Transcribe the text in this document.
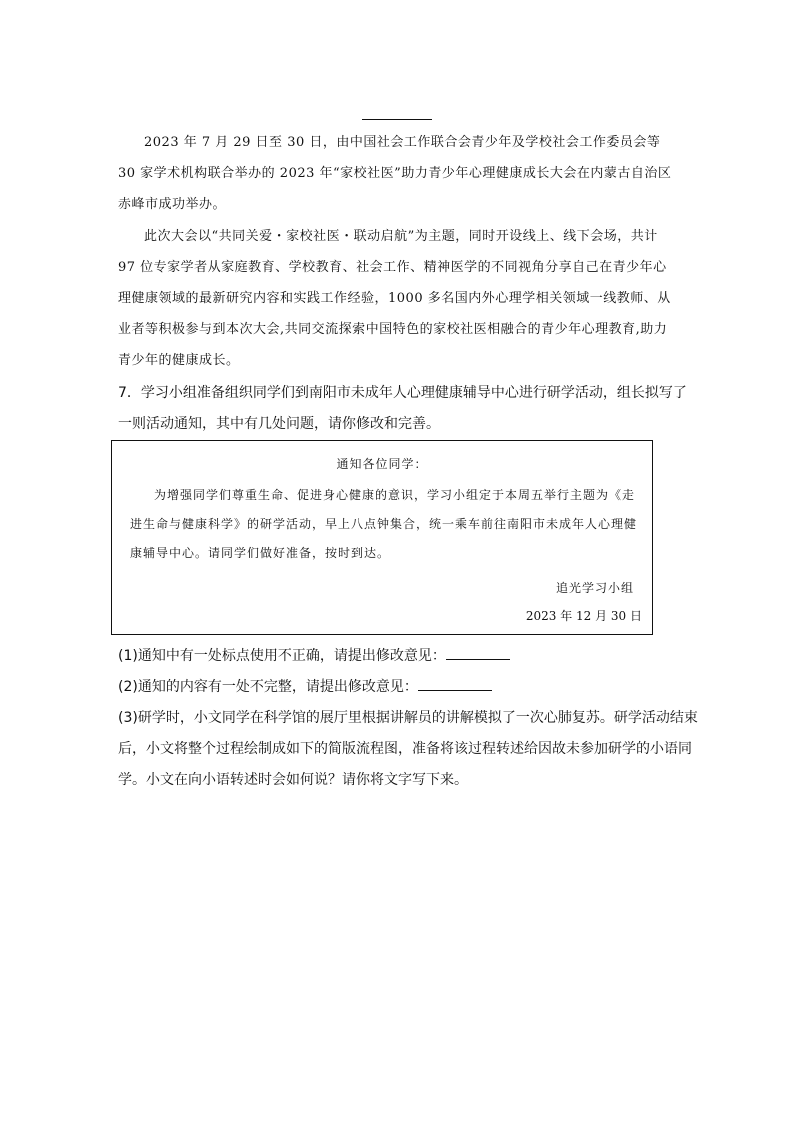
2023 年 7 月 29 日至 30 日，由中国社会工作联合会青少年及学校社会工作委员会等 30 家学术机构联合举办的 2023 年“家校社医”助力青少年心理健康成长大会在内蒙古自治区赤峰市成功举办。

此次大会以“共同关爱・家校社医・联动启航”为主题，同时开设线上、线下会场，共计 97 位专家学者从家庭教育、学校教育、社会工作、精神医学的不同视角分享自己在青少年心理健康领域的最新研究内容和实践工作经验，1000 多名国内外心理学相关领域一线教师、从业者等积极参与到本次大会,共同交流探索中国特色的家校社医相融合的青少年心理教育,助力青少年的健康成长。

7．学习小组准备组织同学们到南阳市未成年人心理健康辅导中心进行研学活动，组长拟写了一则活动通知，其中有几处问题，请你修改和完善。
通知各位同学：
为增强同学们尊重生命、促进身心健康的意识，学习小组定于本周五举行主题为《走进生命与健康科学》的研学活动，早上八点钟集合，统一乘车前往南阳市未成年人心理健康辅导中心。请同学们做好准备，按时到达。
追光学习小组
2023 年 12 月 30 日
(1)通知中有一处标点使用不正确，请提出修改意见：
(2)通知的内容有一处不完整，请提出修改意见：
(3)研学时，小文同学在科学馆的展厅里根据讲解员的讲解模拟了一次心肺复苏。研学活动结束后，小文将整个过程绘制成如下的简版流程图，准备将该过程转述给因故未参加研学的小语同学。小文在向小语转述时会如何说？请你将文字写下来。
